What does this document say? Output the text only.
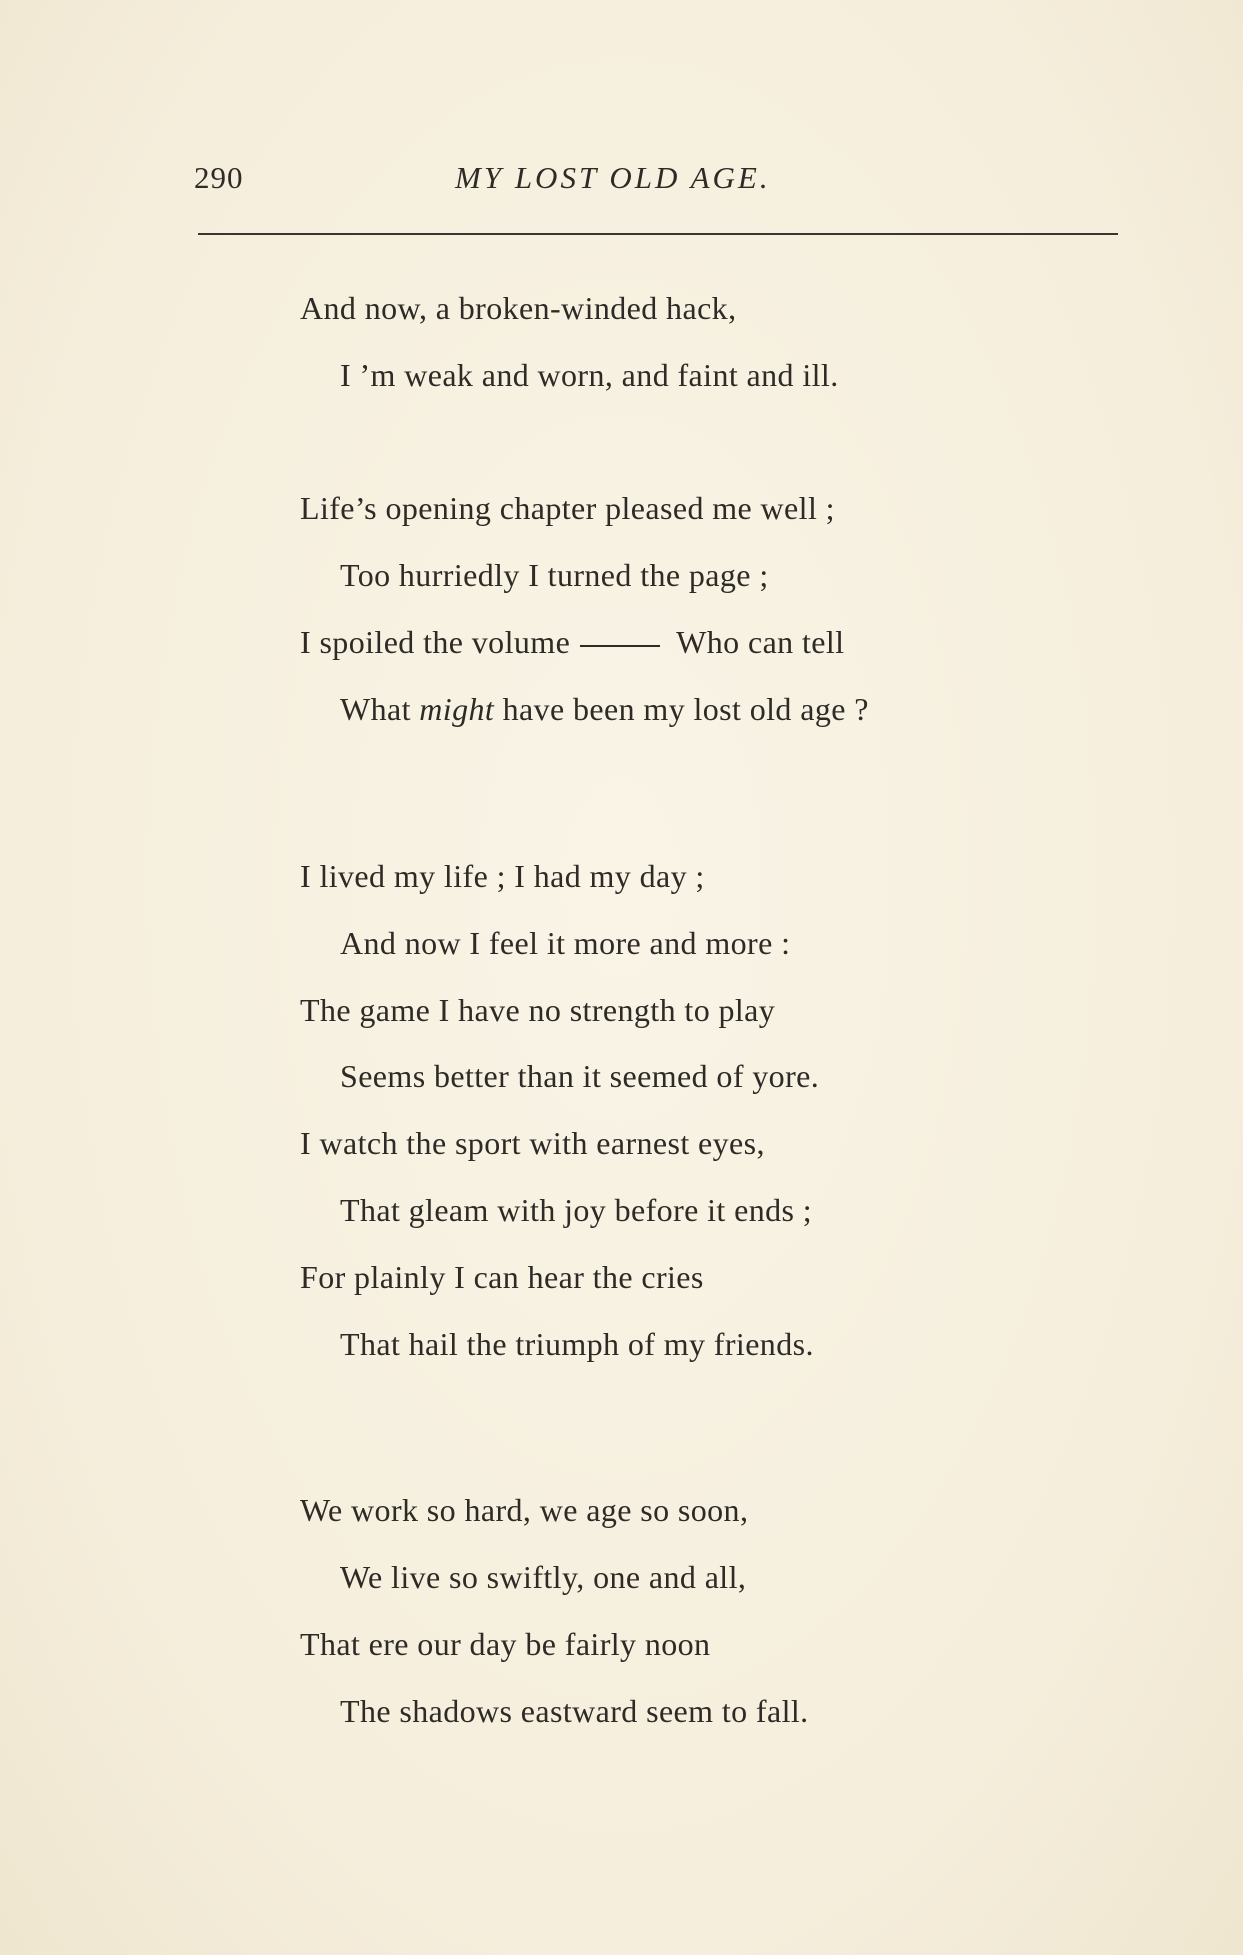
290	MY LOST OLD AGE.
And now, a broken-winded hack,
I ’m weak and worn, and faint and ill.
Life’s opening chapter pleased me well ;
Too hurriedly I turned the page ;
I spoiled the volume	Who can tell
What might have been my lost old age ?
I lived my life ; I had my day ;
And now I feel it more and more :
The game I have no strength to play
Seems better than it seemed of yore.
I watch the sport with earnest eyes,
That gleam with joy before it ends ;
For plainly I can hear the cries
That hail the triumph of my friends.
We work so hard, we age so soon,
We live so swiftly, one and all,
That ere our day be fairly noon
The shadows eastward seem to fall.
